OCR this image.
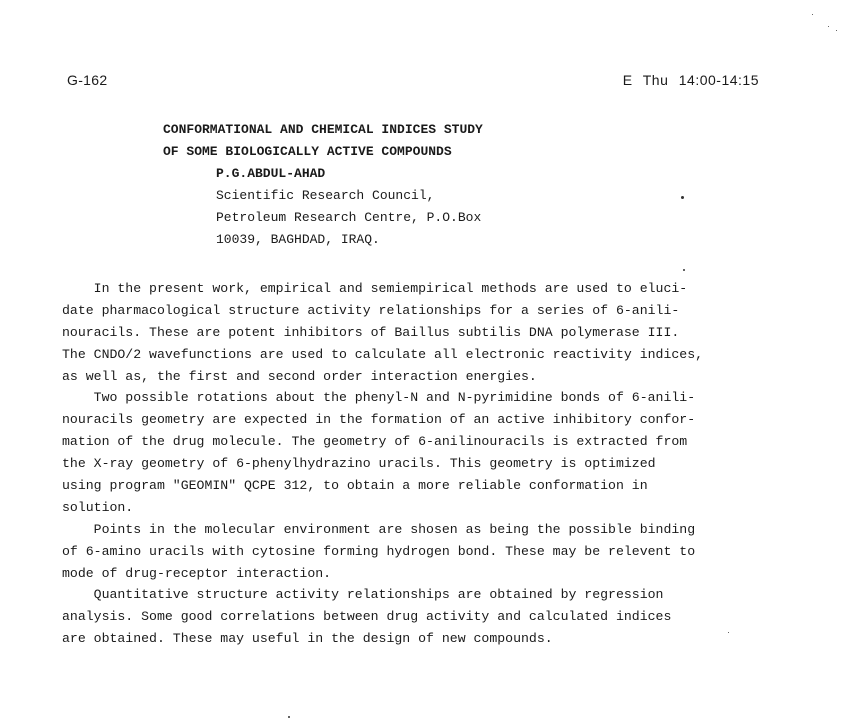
G-162	E Thu 14:00-14:15
CONFORMATIONAL AND CHEMICAL INDICES STUDY
OF SOME BIOLOGICALLY ACTIVE COMPOUNDS
P.G.ABDUL-AHAD
Scientific Research Council,
Petroleum Research Centre, P.O.Box
10039, BAGHDAD, IRAQ.
In the present work, empirical and semiempirical methods are used to eluci-
date pharmacological structure activity relationships for a series of 6-anili-
nouracils. These are potent inhibitors of Baillus subtilis DNA polymerase III.
The CNDO/2 wavefunctions are used to calculate all electronic reactivity indices,
as well as, the first and second order interaction energies.
Two possible rotations about the phenyl-N and N-pyrimidine bonds of 6-anili-
nouracils geometry are expected in the formation of an active inhibitory confor-
mation of the drug molecule. The geometry of 6-anilinouracils is extracted from
the X-ray geometry of 6-phenylhydrazino uracils. This geometry is optimized
using program "GEOMIN" QCPE 312, to obtain a more reliable conformation in
solution.
Points in the molecular environment are shosen as being the possible binding
of 6-amino uracils with cytosine forming hydrogen bond. These may be relevent to
mode of drug-receptor interaction.
Quantitative structure activity relationships are obtained by regression
analysis. Some good correlations between drug activity and calculated indices
are obtained. These may useful in the design of new compounds.
